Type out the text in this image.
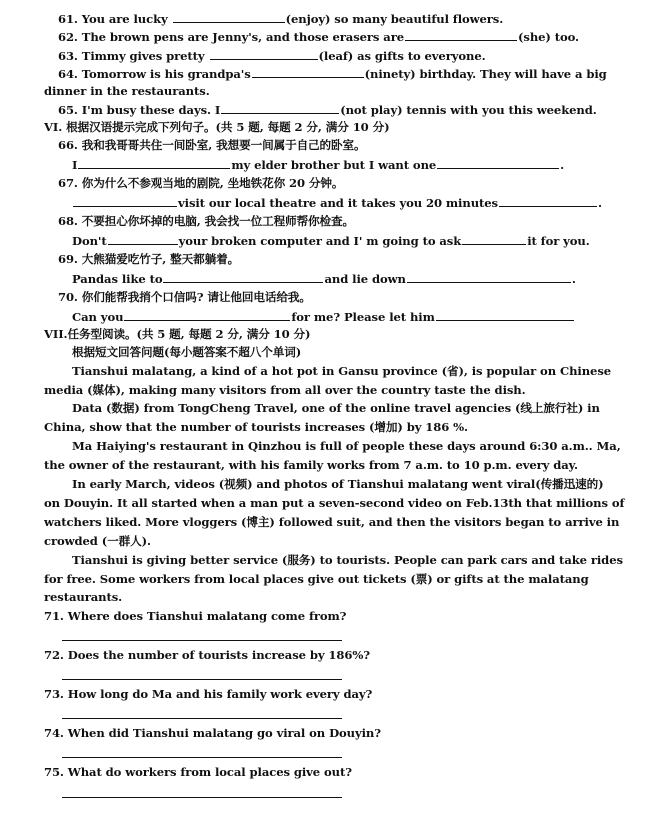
61. You are lucky	(enjoy) so many beautiful flowers.
62. The brown pens are Jenny's, and those erasers are	(she) too.
63. Timmy gives pretty	(leaf) as gifts to everyone.
64. Tomorrow is his grandpa's	(ninety) birthday. They will have a big
dinner in the restaurants.
65. I'm busy these days. I	(not play) tennis with you this weekend.
VI. 根据汉语提示完成下列句子。(共 5 题, 每题 2 分, 满分 10 分)
66. 我和我哥哥共住一间卧室, 我想要一间属于自己的卧室。
I	my elder brother but I want one	.
67. 你为什么不参观当地的剧院, 坐地铁花你 20 分钟。
visit our local theatre and it takes you 20 minutes	.
68. 不要担心你坏掉的电脑, 我会找一位工程师帮你检查。
Don't	your broken computer and I' m going to ask	it for you.
69. 大熊猫爱吃竹子, 整天都躺着。
Pandas like to	and lie down	.
70. 你们能帮我捎个口信吗? 请让他回电话给我。
Can you	for me? Please let him
VII.任务型阅读。(共 5 题, 每题 2 分, 满分 10 分)
根据短文回答问题(每小题答案不超八个单词)
Tianshui malatang, a kind of a hot pot in Gansu province (省), is popular on Chinese
media (媒体), making many visitors from all over the country taste the dish.
Data (数据) from TongCheng Travel, one of the online travel agencies (线上旅行社) in
China, show that the number of tourists increases (增加) by 186 %.
Ma Haiying's restaurant in Qinzhou is full of people these days around 6:30 a.m.. Ma,
the owner of the restaurant, with his family works from 7 a.m. to 10 p.m. every day.
In early March, videos (视频) and photos of Tianshui malatang went viral(传播迅速的)
on Douyin. It all started when a man put a seven-second video on Feb.13th that millions of
watchers liked. More vloggers (博主) followed suit, and then the visitors began to arrive in
crowded (一群人).
Tianshui is giving better service (服务) to tourists. People can park cars and take rides
for free. Some workers from local places give out tickets (票) or gifts at the malatang
restaurants.
71. Where does Tianshui malatang come from?
72. Does the number of tourists increase by 186%?
73. How long do Ma and his family work every day?
74. When did Tianshui malatang go viral on Douyin?
75. What do workers from local places give out?
